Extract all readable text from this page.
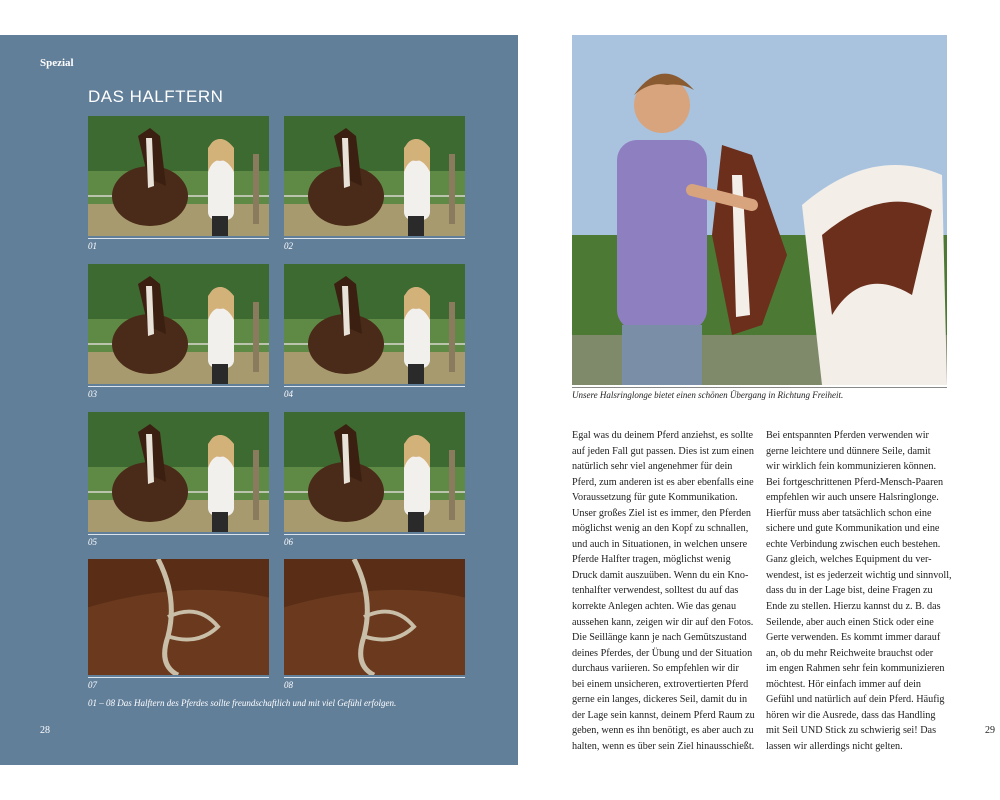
Spezial
DAS HALFTERN
01	02
03	04
05	06
07	08
01 – 08 Das Halftern des Pferdes sollte freundschaftlich und mit viel Gefühl erfolgen.
28
Unsere Halsringlonge bietet einen schönen Übergang in Richtung Freiheit.
Egal was du deinem Pferd anziehst, es sollte
auf jeden Fall gut passen. Dies ist zum einen
natürlich sehr viel angenehmer für dein
Pferd, zum anderen ist es aber ebenfalls eine
Voraussetzung für gute Kommunikation.
Unser großes Ziel ist es immer, den Pferden
möglichst wenig an den Kopf zu schnallen,
und auch in Situationen, in welchen unsere
Pferde Halfter tragen, möglichst wenig
Druck damit auszuüben. Wenn du ein Kno-
tenhalfter verwendest, solltest du auf das
korrekte Anlegen achten. Wie das genau
aussehen kann, zeigen wir dir auf den Fotos.
Die Seillänge kann je nach Gemütszustand
deines Pferdes, der Übung und der Situation
durchaus variieren. So empfehlen wir dir
bei einem unsicheren, extrovertierten Pferd
gerne ein langes, dickeres Seil, damit du in
der Lage sein kannst, deinem Pferd Raum zu
geben, wenn es ihn benötigt, es aber auch zu
halten, wenn es über sein Ziel hinausschießt.
Bei entspannten Pferden verwenden wir
gerne leichtere und dünnere Seile, damit
wir wirklich fein kommunizieren können.
Bei fortgeschrittenen Pferd-Mensch-Paaren
empfehlen wir auch unsere Halsringlonge.
Hierfür muss aber tatsächlich schon eine
sichere und gute Kommunikation und eine
echte Verbindung zwischen euch bestehen.
Ganz gleich, welches Equipment du ver-
wendest, ist es jederzeit wichtig und sinnvoll,
dass du in der Lage bist, deine Fragen zu
Ende zu stellen. Hierzu kannst du z. B. das
Seilende, aber auch einen Stick oder eine
Gerte verwenden. Es kommt immer darauf
an, ob du mehr Reichweite brauchst oder
im engen Rahmen sehr fein kommunizieren
möchtest. Hör einfach immer auf dein
Gefühl und natürlich auf dein Pferd. Häufig
hören wir die Ausrede, dass das Handling
mit Seil UND Stick zu schwierig sei! Das
lassen wir allerdings nicht gelten.
29
